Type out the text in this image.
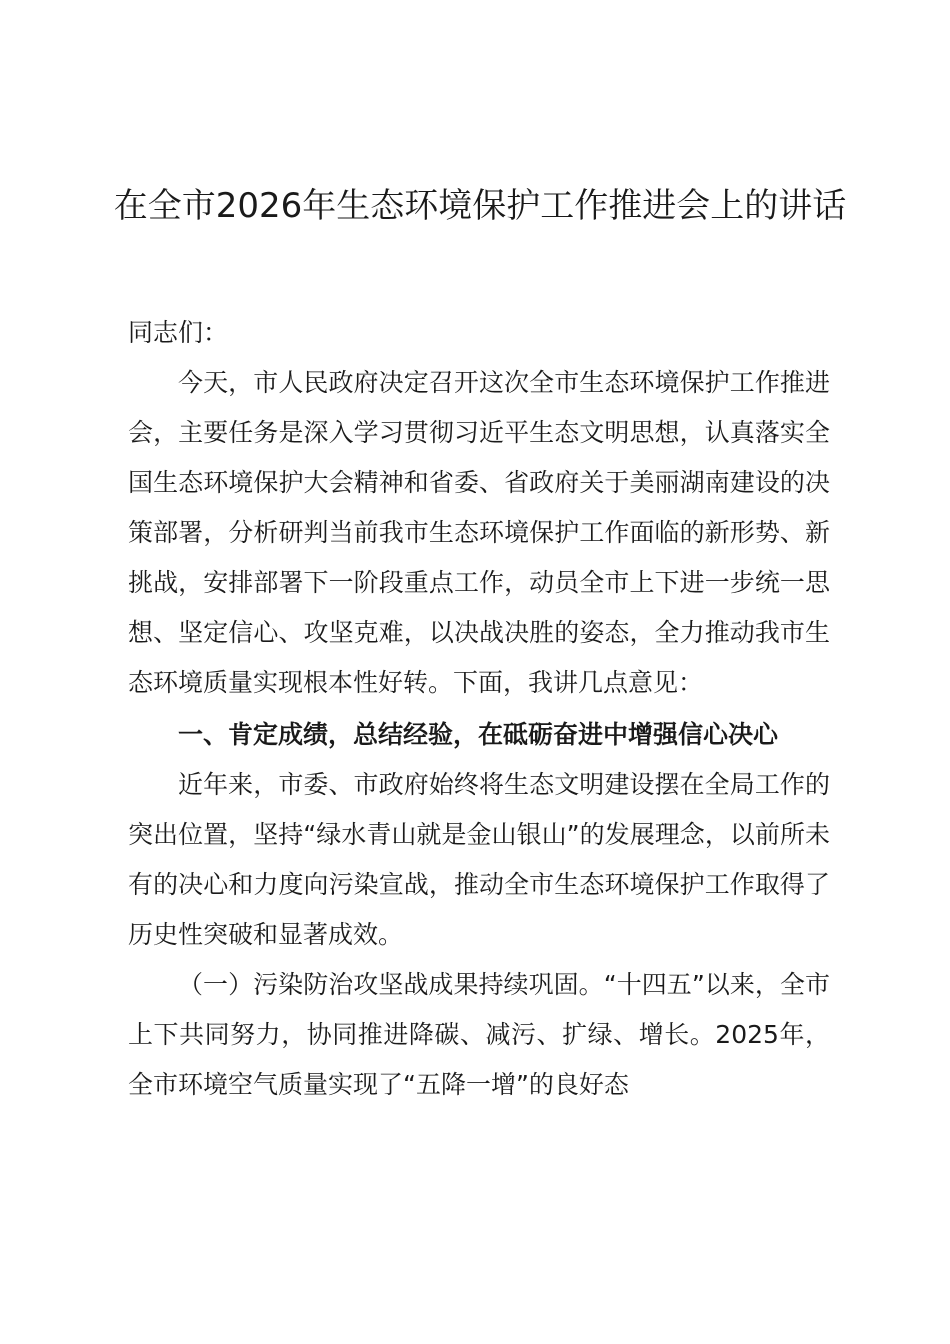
在全市2026年生态环境保护工作推进会上的讲话

同志们：

今天，市人民政府决定召开这次全市生态环境保护工作推进会，主要任务是深入学习贯彻习近平生态文明思想，认真落实全国生态环境保护大会精神和省委、省政府关于美丽湖南建设的决策部署，分析研判当前我市生态环境保护工作面临的新形势、新挑战，安排部署下一阶段重点工作，动员全市上下进一步统一思想、坚定信心、攻坚克难，以决战决胜的姿态，全力推动我市生态环境质量实现根本性好转。下面，我讲几点意见：

一、肯定成绩，总结经验，在砥砺奋进中增强信心决心

近年来，市委、市政府始终将生态文明建设摆在全局工作的突出位置，坚持“绿水青山就是金山银山”的发展理念，以前所未有的决心和力度向污染宣战，推动全市生态环境保护工作取得了历史性突破和显著成效。

（一）污染防治攻坚战成果持续巩固。“十四五”以来，全市上下共同努力，协同推进降碳、减污、扩绿、增长。2025年，全市环境空气质量实现了“五降一增”的良好态
